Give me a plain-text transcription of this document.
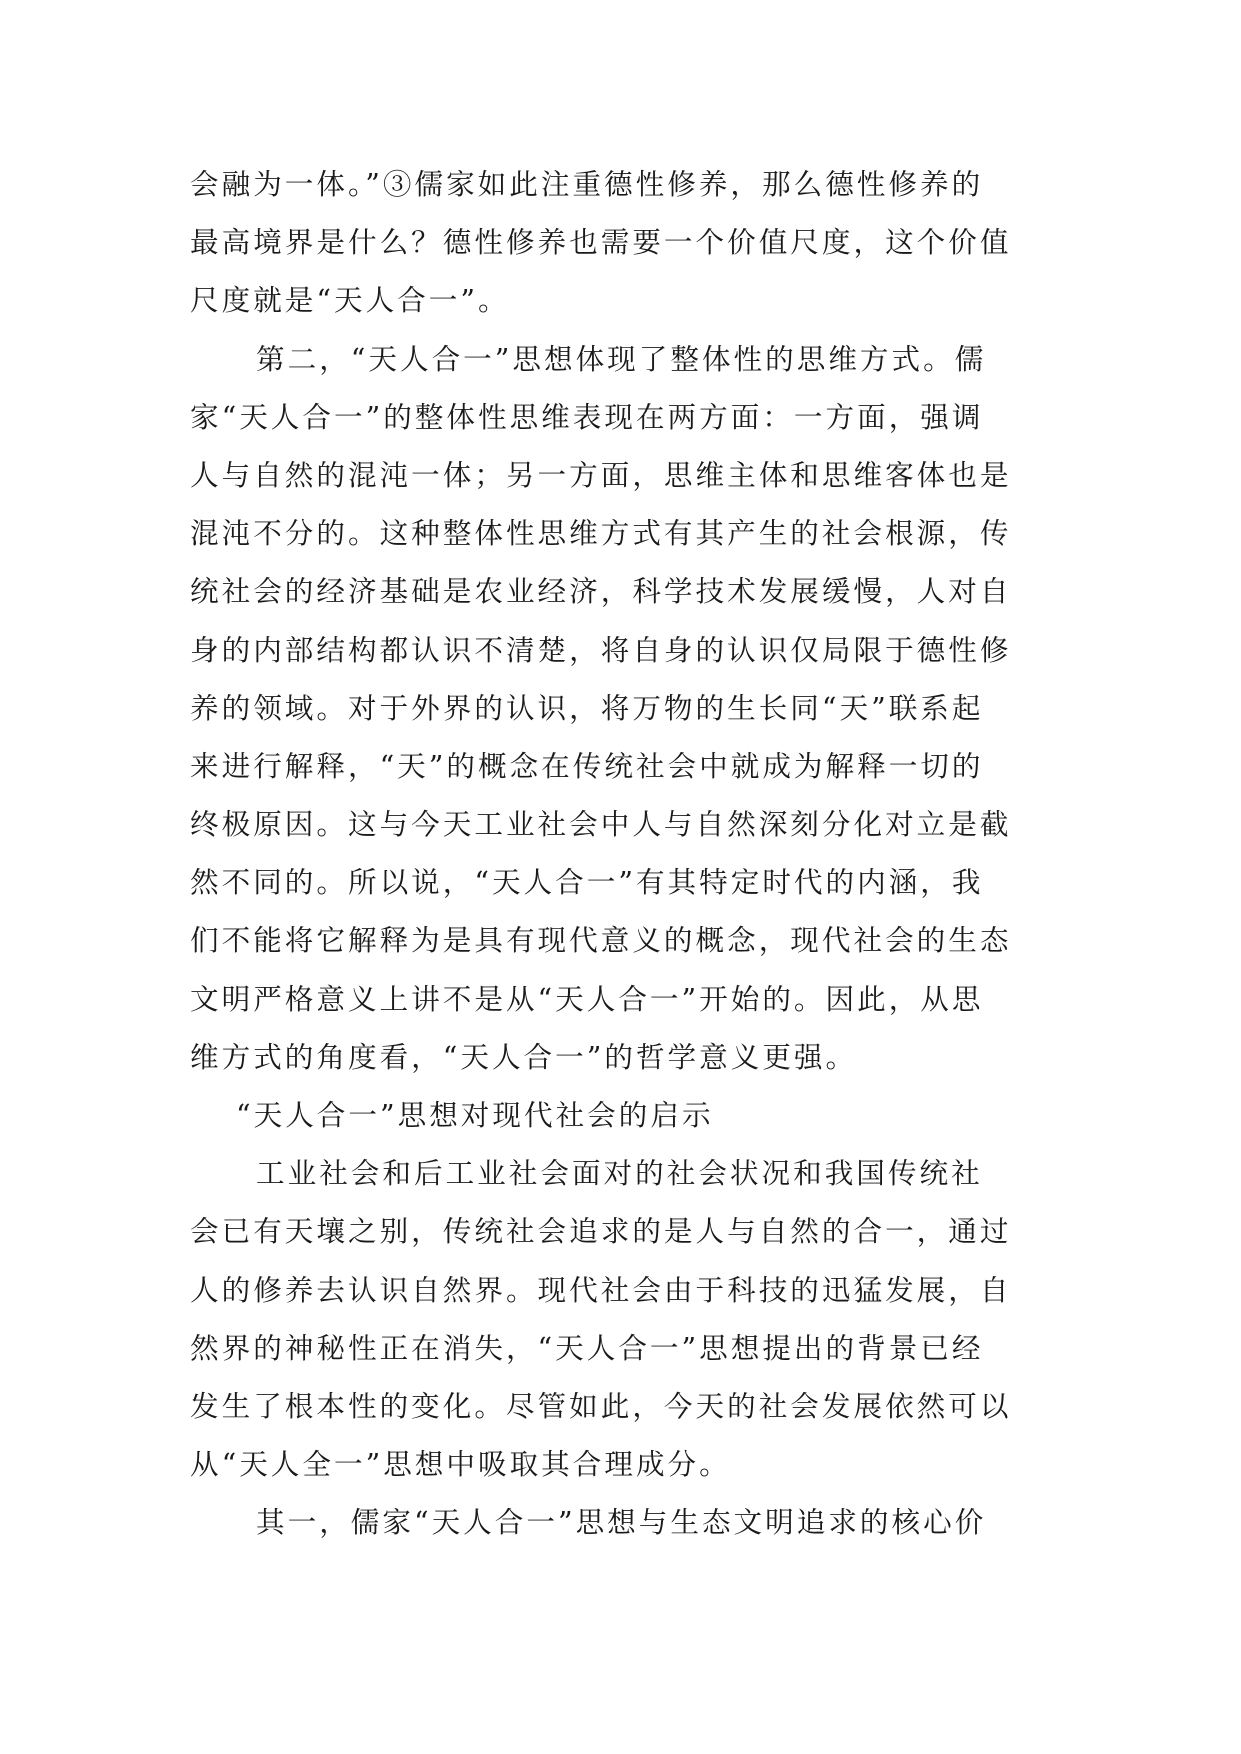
会融为一体。”③儒家如此注重德性修养，那么德性修养的
最高境界是什么？德性修养也需要一个价值尺度，这个价值
尺度就是“天人合一”。
第二，“天人合一”思想体现了整体性的思维方式。儒
家“天人合一”的整体性思维表现在两方面：一方面，强调
人与自然的混沌一体；另一方面，思维主体和思维客体也是
混沌不分的。这种整体性思维方式有其产生的社会根源，传
统社会的经济基础是农业经济，科学技术发展缓慢，人对自
身的内部结构都认识不清楚，将自身的认识仅局限于德性修
养的领域。对于外界的认识，将万物的生长同“天”联系起
来进行解释，“天”的概念在传统社会中就成为解释一切的
终极原因。这与今天工业社会中人与自然深刻分化对立是截
然不同的。所以说，“天人合一”有其特定时代的内涵，我
们不能将它解释为是具有现代意义的概念，现代社会的生态
文明严格意义上讲不是从“天人合一”开始的。因此，从思
维方式的角度看，“天人合一”的哲学意义更强。
“天人合一”思想对现代社会的启示
工业社会和后工业社会面对的社会状况和我国传统社
会已有天壤之别，传统社会追求的是人与自然的合一，通过
人的修养去认识自然界。现代社会由于科技的迅猛发展，自
然界的神秘性正在消失，“天人合一”思想提出的背景已经
发生了根本性的变化。尽管如此，今天的社会发展依然可以
从“天人全一”思想中吸取其合理成分。
其一，儒家“天人合一”思想与生态文明追求的核心价
